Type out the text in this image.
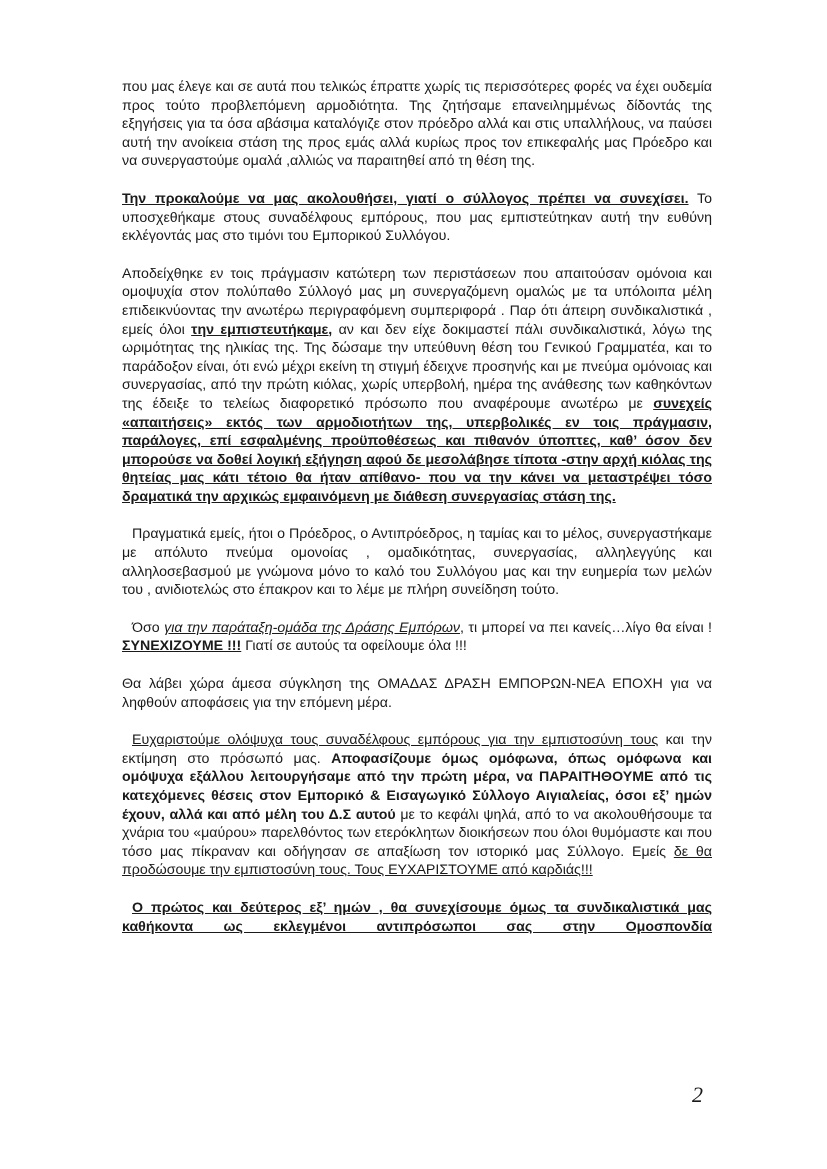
που μας έλεγε και σε αυτά που τελικώς έπραττε χωρίς τις περισσότερες φορές να έχει ουδεμία προς τούτο προβλεπόμενη αρμοδιότητα. Της ζητήσαμε επανειλημμένως δίδοντάς της εξηγήσεις για τα όσα αβάσιμα καταλόγιζε στον πρόεδρο αλλά και στις υπαλλήλους, να παύσει αυτή την ανοίκεια στάση της προς εμάς αλλά κυρίως προς τον επικεφαλής μας Πρόεδρο και να συνεργαστούμε ομαλά ,αλλιώς να παραιτηθεί από τη θέση της.

Την προκαλούμε να μας ακολουθήσει, γιατί ο σύλλογος πρέπει να συνεχίσει. Το υποσχεθήκαμε στους συναδέλφους εμπόρους, που μας εμπιστεύτηκαν αυτή την ευθύνη εκλέγοντάς μας στο τιμόνι του Εμπορικού Συλλόγου.

Αποδείχθηκε εν τοις πράγμασιν κατώτερη των περιστάσεων που απαιτούσαν ομόνοια και ομοψυχία στον πολύπαθο Σύλλογό μας μη συνεργαζόμενη ομαλώς με τα υπόλοιπα μέλη επιδεικνύοντας την ανωτέρω περιγραφόμενη συμπεριφορά . Παρ ότι άπειρη συνδικαλιστικά , εμείς όλοι την εμπιστευτήκαμε, αν και δεν είχε δοκιμαστεί πάλι συνδικαλιστικά, λόγω της ωριμότητας της ηλικίας της. Της δώσαμε την υπεύθυνη θέση του Γενικού Γραμματέα, και το παράδοξον είναι, ότι ενώ μέχρι εκείνη τη στιγμή έδειχνε προσηνής και με πνεύμα ομόνοιας και συνεργασίας, από την πρώτη κιόλας, χωρίς υπερβολή, ημέρα της ανάθεσης των καθηκόντων της έδειξε το τελείως διαφορετικό πρόσωπο που αναφέρουμε ανωτέρω με συνεχείς «απαιτήσεις» εκτός των αρμοδιοτήτων της, υπερβολικές εν τοις πράγμασιν, παράλογες, επί εσφαλμένης προϋποθέσεως και πιθανόν ύποπτες, καθ’ όσον δεν μπορούσε να δοθεί λογική εξήγηση αφού δε μεσολάβησε τίποτα -στην αρχή κιόλας της θητείας μας κάτι τέτοιο θα ήταν απίθανο- που να την κάνει να μεταστρέψει τόσο δραματικά την αρχικώς εμφαινόμενη με διάθεση συνεργασίας στάση της.

Πραγματικά εμείς, ήτοι ο Πρόεδρος, ο Αντιπρόεδρος, η ταμίας και το μέλος, συνεργαστήκαμε με απόλυτο πνεύμα ομονοίας , ομαδικότητας, συνεργασίας, αλληλεγγύης και αλληλοσεβασμού με γνώμονα μόνο το καλό του Συλλόγου μας και την ευημερία των μελών του , ανιδιοτελώς στο έπακρον και το λέμε με πλήρη συνείδηση τούτο.

Όσο για την παράταξη-ομάδα της Δράσης Εμπόρων, τι μπορεί να πει κανείς…λίγο θα είναι ! ΣΥΝΕΧΙΖΟΥΜΕ !!! Γιατί σε αυτούς τα οφείλουμε όλα !!!

Θα λάβει χώρα άμεσα σύγκληση της ΟΜΑΔΑΣ ΔΡΑΣΗ ΕΜΠΟΡΩΝ-ΝΕΑ ΕΠΟΧΗ για να ληφθούν αποφάσεις για την επόμενη μέρα.

Ευχαριστούμε ολόψυχα τους συναδέλφους εμπόρους για την εμπιστοσύνη τους και την εκτίμηση στο πρόσωπό μας. Αποφασίζουμε όμως ομόφωνα, όπως ομόφωνα και ομόψυχα εξάλλου λειτουργήσαμε από την πρώτη μέρα, να ΠΑΡΑΙΤΗΘΟΥΜΕ από τις κατεχόμενες θέσεις στον Εμπορικό & Εισαγωγικό Σύλλογο Αιγιαλείας, όσοι εξ’ ημών έχουν, αλλά και από μέλη του Δ.Σ αυτού με το κεφάλι ψηλά, από το να ακολουθήσουμε τα χνάρια του «μαύρου» παρελθόντος των ετερόκλητων διοικήσεων που όλοι θυμόμαστε και που τόσο μας πίκραναν και οδήγησαν σε απαξίωση τον ιστορικό μας Σύλλογο. Εμείς δε θα προδώσουμε την εμπιστοσύνη τους. Τους ΕΥΧΑΡΙΣΤΟΥΜΕ από καρδιάς!!!

Ο πρώτος και δεύτερος εξ’ ημών , θα συνεχίσουμε όμως τα συνδικαλιστικά μας καθήκοντα ως εκλεγμένοι αντιπρόσωποι σας στην Ομοσπονδία

2
